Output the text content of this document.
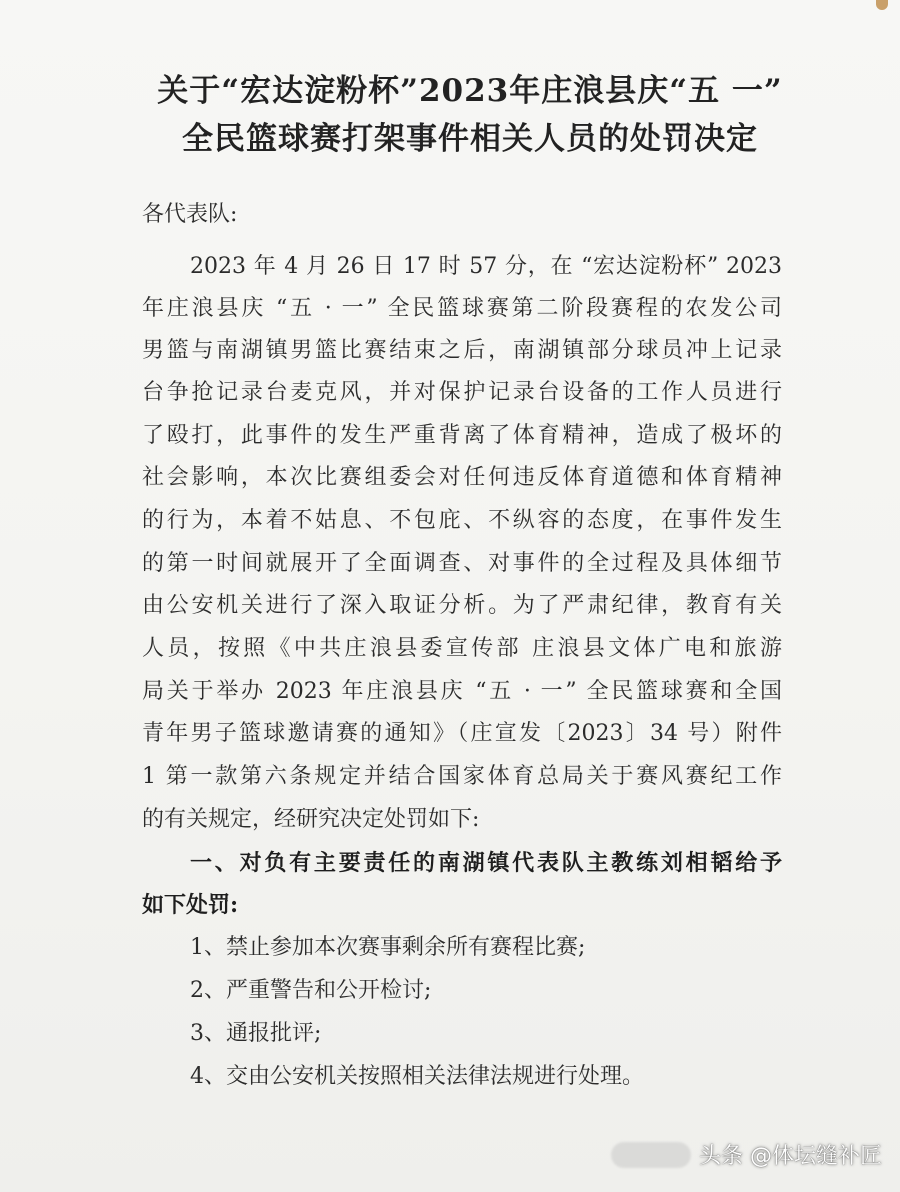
关于“宏达淀粉杯”2023年庄浪县庆“五 一”
全民篮球赛打架事件相关人员的处罚决定
各代表队:
2023 年 4 月 26 日 17 时 57 分，在 “宏达淀粉杯” 2023
年庄浪县庆 “五 · 一” 全民篮球赛第二阶段赛程的农发公司
男篮与南湖镇男篮比赛结束之后，南湖镇部分球员冲上记录
台争抢记录台麦克风，并对保护记录台设备的工作人员进行
了殴打，此事件的发生严重背离了体育精神，造成了极坏的
社会影响，本次比赛组委会对任何违反体育道德和体育精神
的行为，本着不姑息、不包庇、不纵容的态度，在事件发生
的第一时间就展开了全面调查、对事件的全过程及具体细节
由公安机关进行了深入取证分析。为了严肃纪律，教育有关
人员，按照《中共庄浪县委宣传部 庄浪县文体广电和旅游
局关于举办 2023 年庄浪县庆 “五 · 一” 全民篮球赛和全国
青年男子篮球邀请赛的通知》（庄宣发〔2023〕34 号）附件
1 第一款第六条规定并结合国家体育总局关于赛风赛纪工作
的有关规定，经研究决定处罚如下:
一、对负有主要责任的南湖镇代表队主教练刘相韬给予
如下处罚:
1、禁止参加本次赛事剩余所有赛程比赛;
2、严重警告和公开检讨;
3、通报批评;
4、交由公安机关按照相关法律法规进行处理。
头条 @体坛缝补匠
